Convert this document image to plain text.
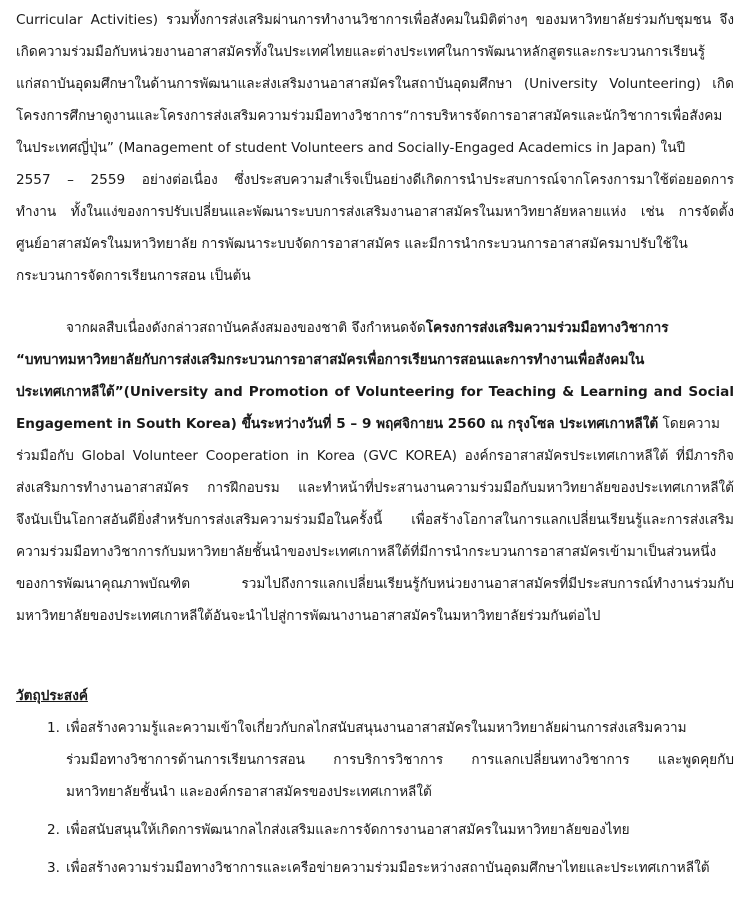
Curricular Activities) รวมทั้งการส่งเสริมผ่านการทำงานวิชาการเพื่อสังคมในมิติต่างๆ ของมหาวิทยาลัยร่วมกับชุมชน จึง
เกิดความร่วมมือกับหน่วยงานอาสาสมัครทั้งในประเทศไทยและต่างประเทศในการพัฒนาหลักสูตรและกระบวนการเรียนรู้
แก่สถาบันอุดมศึกษาในด้านการพัฒนาและส่งเสริมงานอาสาสมัครในสถาบันอุดมศึกษา (University Volunteering) เกิด
โครงการศึกษาดูงานและโครงการส่งเสริมความร่วมมือทางวิชาการ“การบริหารจัดการอาสาสมัครและนักวิชาการเพื่อสังคม
ในประเทศญี่ปุ่น” (Management of student Volunteers and Socially-Engaged Academics in Japan) ในปี
2557 – 2559 อย่างต่อเนื่อง ซึ่งประสบความสำเร็จเป็นอย่างดีเกิดการนำประสบการณ์จากโครงการมาใช้ต่อยอดการ
ทำงาน ทั้งในแง่ของการปรับเปลี่ยนและพัฒนาระบบการส่งเสริมงานอาสาสมัครในมหาวิทยาลัยหลายแห่ง เช่น การจัดตั้ง
ศูนย์อาสาสมัครในมหาวิทยาลัย การพัฒนาระบบจัดการอาสาสมัคร และมีการนำกระบวนการอาสาสมัครมาปรับใช้ใน
กระบวนการจัดการเรียนการสอน เป็นต้น
จากผลสืบเนื่องดังกล่าวสถาบันคลังสมองของชาติ จึงกำหนดจัดโครงการส่งเสริมความร่วมมือทางวิชาการ
“บทบาทมหาวิทยาลัยกับการส่งเสริมกระบวนการอาสาสมัครเพื่อการเรียนการสอนและการทำงานเพื่อสังคมใน
ประเทศเกาหลีใต้”(University and Promotion of Volunteering for Teaching & Learning and Social
Engagement in South Korea) ขึ้นระหว่างวันที่ 5 – 9 พฤศจิกายน 2560 ณ กรุงโซล ประเทศเกาหลีใต้ โดยความ
ร่วมมือกับ Global Volunteer Cooperation in Korea (GVC KOREA) องค์กรอาสาสมัครประเทศเกาหลีใต้ ที่มีภารกิจ
ส่งเสริมการทำงานอาสาสมัคร การฝึกอบรม และทำหน้าที่ประสานงานความร่วมมือกับมหาวิทยาลัยของประเทศเกาหลีใต้
จึงนับเป็นโอกาสอันดียิ่งสำหรับการส่งเสริมความร่วมมือในครั้งนี้ เพื่อสร้างโอกาสในการแลกเปลี่ยนเรียนรู้และการส่งเสริม
ความร่วมมือทางวิชาการกับมหาวิทยาลัยชั้นนำของประเทศเกาหลีใต้ที่มีการนำกระบวนการอาสาสมัครเข้ามาเป็นส่วนหนึ่ง
ของการพัฒนาคุณภาพบัณฑิต รวมไปถึงการแลกเปลี่ยนเรียนรู้กับหน่วยงานอาสาสมัครที่มีประสบการณ์ทำงานร่วมกับ
มหาวิทยาลัยของประเทศเกาหลีใต้อันจะนำไปสู่การพัฒนางานอาสาสมัครในมหาวิทยาลัยร่วมกันต่อไป
วัตถุประสงค์
1. เพื่อสร้างความรู้และความเข้าใจเกี่ยวกับกลไกสนับสนุนงานอาสาสมัครในมหาวิทยาลัยผ่านการส่งเสริมความ
ร่วมมือทางวิชาการด้านการเรียนการสอน การบริการวิชาการ การแลกเปลี่ยนทางวิชาการ และพูดคุยกับ
มหาวิทยาลัยชั้นนำ และองค์กรอาสาสมัครของประเทศเกาหลีใต้
2. เพื่อสนับสนุนให้เกิดการพัฒนากลไกส่งเสริมและการจัดการงานอาสาสมัครในมหาวิทยาลัยของไทย
3. เพื่อสร้างความร่วมมือทางวิชาการและเครือข่ายความร่วมมือระหว่างสถาบันอุดมศึกษาไทยและประเทศเกาหลีใต้
